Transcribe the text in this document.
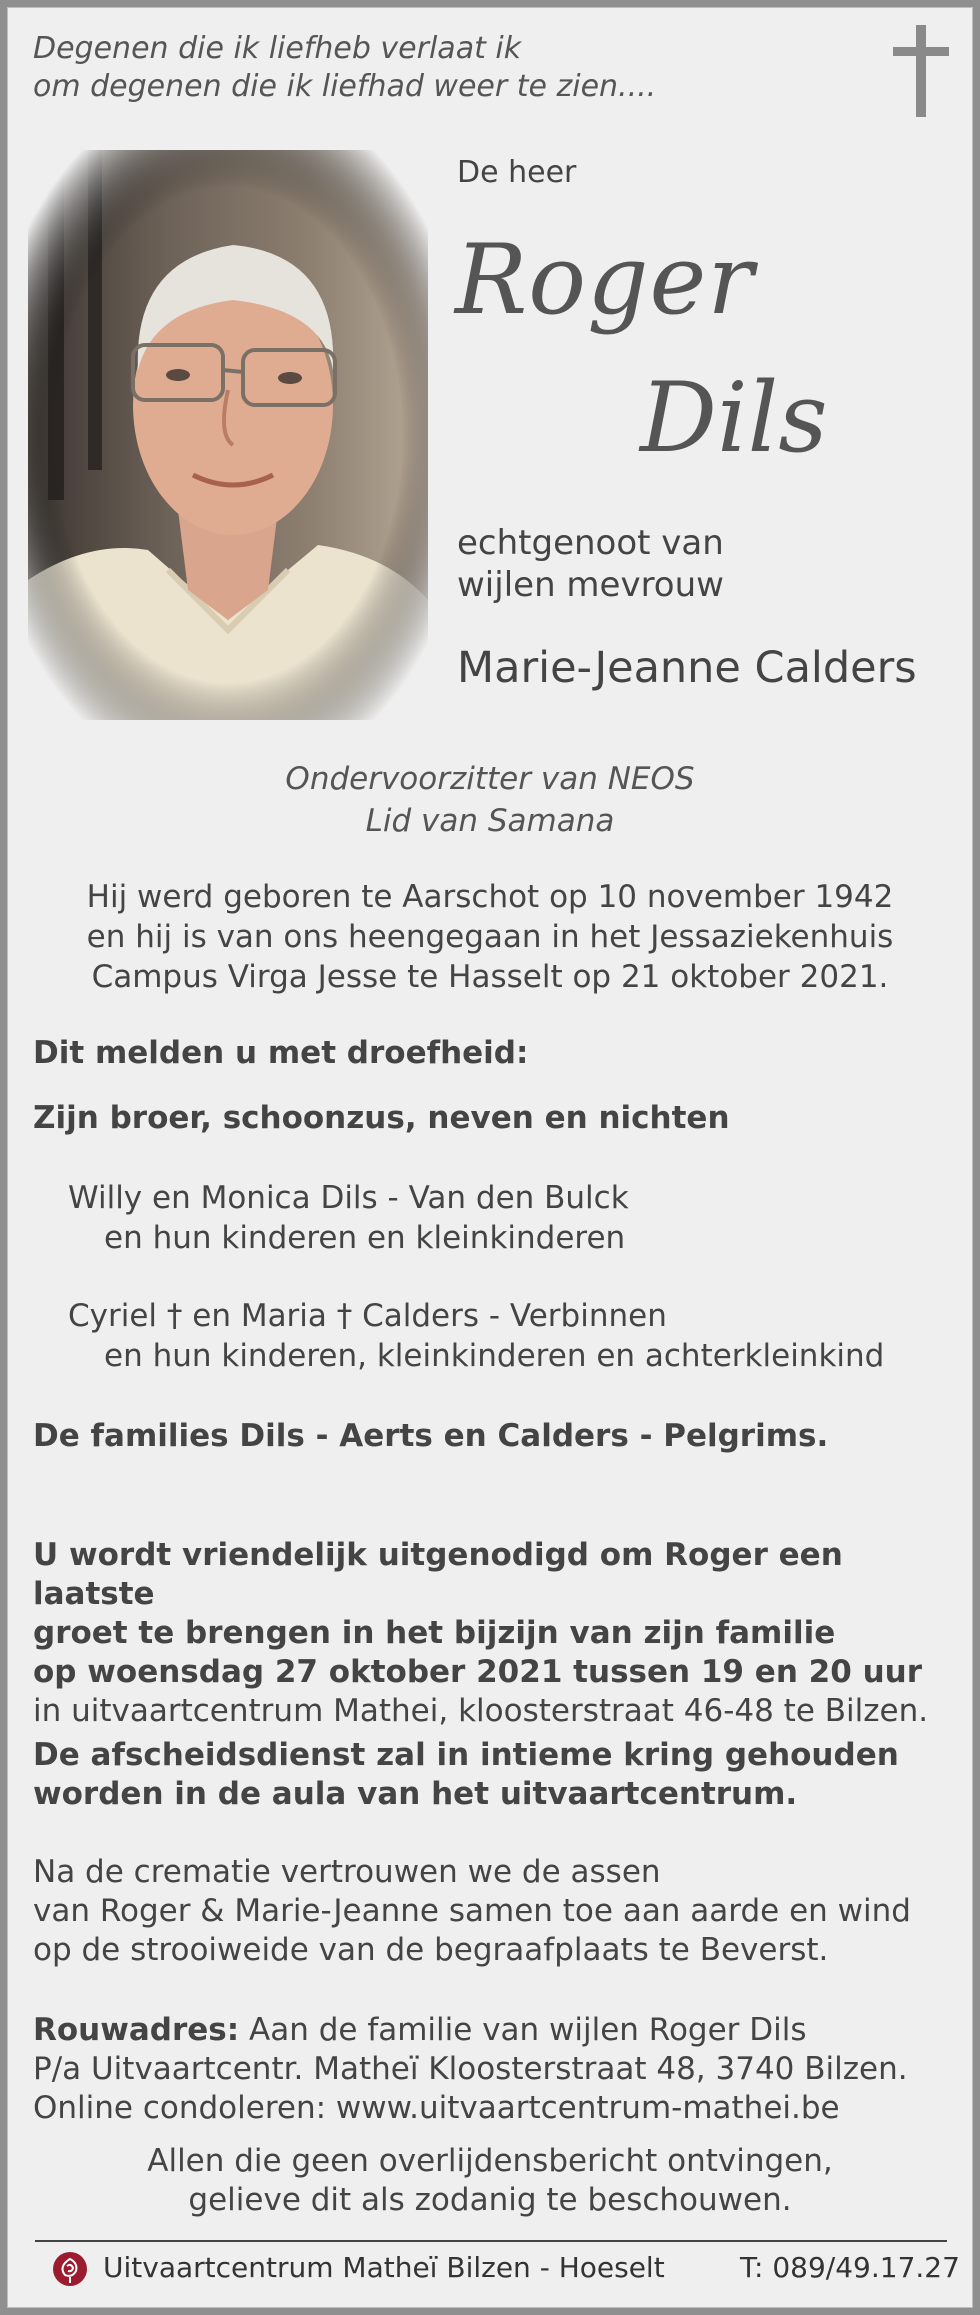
Degenen die ik liefheb verlaat ik
om degenen die ik liefhad weer te zien....
De heer
Roger
Dils
echtgenoot van
wijlen mevrouw
Marie-Jeanne Calders
Ondervoorzitter van NEOS
Lid van Samana
Hij werd geboren te Aarschot op 10 november 1942
en hij is van ons heengegaan in het Jessaziekenhuis
Campus Virga Jesse te Hasselt op 21 oktober 2021.
Dit melden u met droefheid:
Zijn broer, schoonzus, neven en nichten
Willy en Monica Dils - Van den Bulck
en hun kinderen en kleinkinderen
Cyriel † en Maria † Calders - Verbinnen
en hun kinderen, kleinkinderen en achterkleinkind
De families Dils - Aerts en Calders - Pelgrims.
U wordt vriendelijk uitgenodigd om Roger een laatste
groet te brengen in het bijzijn van zijn familie
op woensdag 27 oktober 2021 tussen 19 en 20 uur
in uitvaartcentrum Mathei, kloosterstraat 46-48 te Bilzen.
De afscheidsdienst zal in intieme kring gehouden
worden in de aula van het uitvaartcentrum.
Na de crematie vertrouwen we de assen
van Roger & Marie-Jeanne samen toe aan aarde en wind
op de strooiweide van de begraafplaats te Beverst.
Rouwadres: Aan de familie van wijlen Roger Dils
P/a Uitvaartcentr. Matheï Kloosterstraat 48, 3740 Bilzen.
Online condoleren: www.uitvaartcentrum-mathei.be
Allen die geen overlijdensbericht ontvingen,
gelieve dit als zodanig te beschouwen.
Uitvaartcentrum Matheï Bilzen - Hoeselt	T: 089/49.17.27
